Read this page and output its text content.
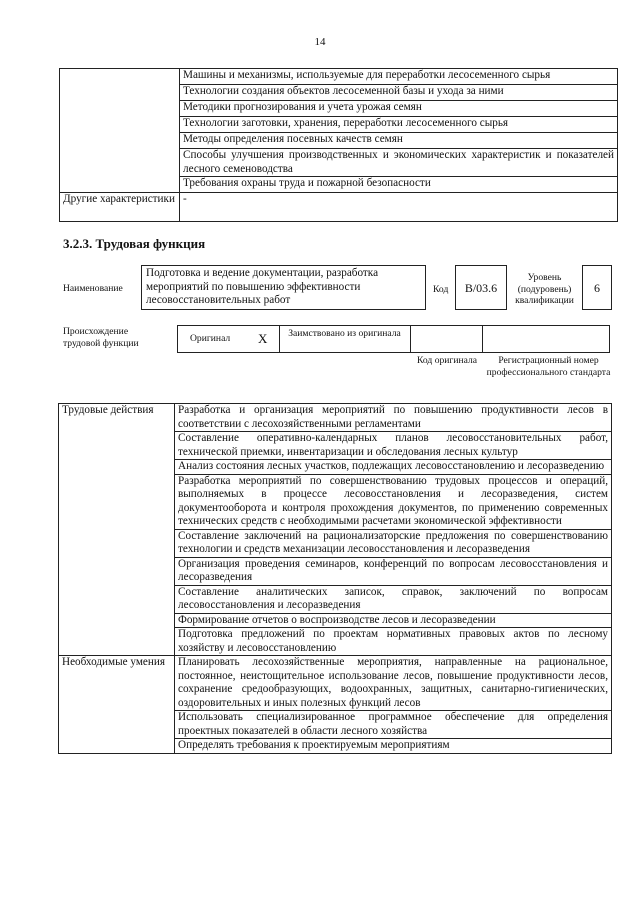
14
	Машины и механизмы, используемые для переработки лесосеменного сырья
	Технологии создания объектов лесосеменной базы и ухода за ними
	Методики прогнозирования и учета урожая семян
	Технологии заготовки, хранения, переработки лесосеменного сырья
	Методы определения посевных качеств семян
	Способы улучшения производственных и экономических характеристик и показателей лесного семеноводства
	Требования охраны труда и пожарной безопасности
Другие характеристики	-
3.2.3. Трудовая функция
Наименование
Подготовка и ведение документации, разработка мероприятий по повышению эффективности лесовосстановительных работ
Код	B/03.6
Уровень (подуровень) квалификации
6
Происхождение трудовой функции	Оригинал X	Заимствовано из оригинала
Код оригинала	Регистрационный номер профессионального стандарта
Трудовые действия	Разработка и организация мероприятий по повышению продуктивности лесов в соответствии с лесохозяйственными регламентами
	Составление оперативно-календарных планов лесовосстановительных работ, технической приемки, инвентаризации и обследования лесных культур
	Анализ состояния лесных участков, подлежащих лесовосстановлению и лесоразведению
	Разработка мероприятий по совершенствованию трудовых процессов и операций, выполняемых в процессе лесовосстановления и лесоразведения, систем документооборота и контроля прохождения документов, по применению современных технических средств с необходимыми расчетами экономической эффективности
	Составление заключений на рационализаторские предложения по совершенствованию технологии и средств механизации лесовосстановления и лесоразведения
	Организация проведения семинаров, конференций по вопросам лесовосстановления и лесоразведения
	Составление аналитических записок, справок, заключений по вопросам лесовосстановления и лесоразведения
	Формирование отчетов о воспроизводстве лесов и лесоразведении
	Подготовка предложений по проектам нормативных правовых актов по лесному хозяйству и лесовосстановлению
Необходимые умения	Планировать лесохозяйственные мероприятия, направленные на рациональное, постоянное, неистощительное использование лесов, повышение продуктивности лесов, сохранение средообразующих, водоохранных, защитных, санитарно-гигиенических, оздоровительных и иных полезных функций лесов
	Использовать специализированное программное обеспечение для определения проектных показателей в области лесного хозяйства
	Определять требования к проектируемым мероприятиям
